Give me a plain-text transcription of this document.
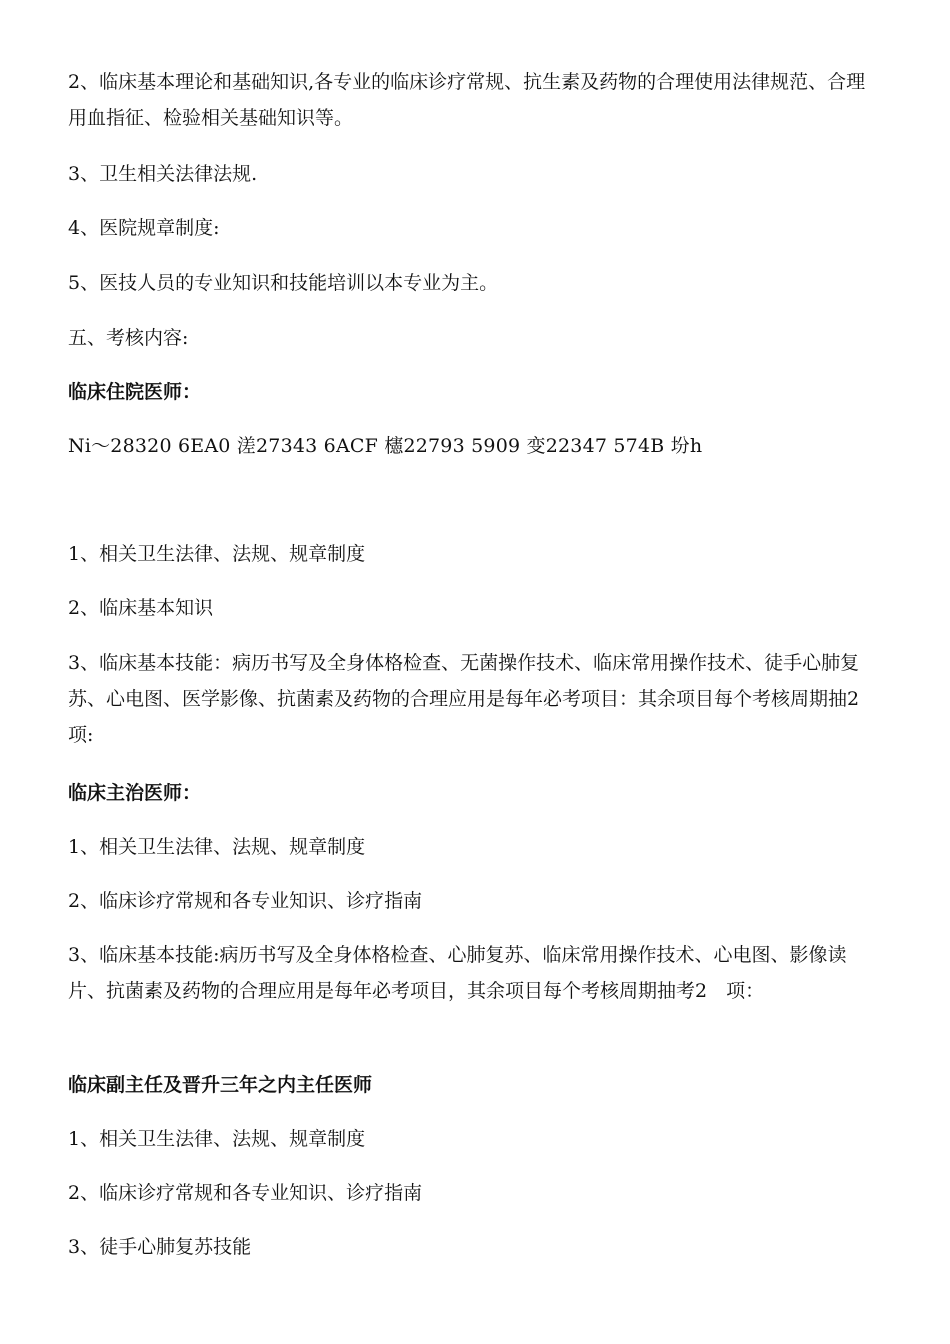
2、临床基本理论和基础知识,各专业的临床诊疗常规、抗生素及药物的合理使用法律规范、合理用血指征、检验相关基础知识等。

3、卫生相关法律法规.

4、医院规章制度:

5、医技人员的专业知识和技能培训以本专业为主。

五、考核内容:

临床住院医师：

Ni～28320 6EA0 溠27343 6ACF 櫶22793 5909 变22347 574B 坋h

1、相关卫生法律、法规、规章制度

2、临床基本知识

3、临床基本技能：病历书写及全身体格检查、无菌操作技术、临床常用操作技术、徒手心肺复苏、心电图、医学影像、抗菌素及药物的合理应用是每年必考项目：其余项目每个考核周期抽2　项:

临床主治医师：

1、相关卫生法律、法规、规章制度

2、临床诊疗常规和各专业知识、诊疗指南

3、临床基本技能:病历书写及全身体格检查、心肺复苏、临床常用操作技术、心电图、影像读片、抗菌素及药物的合理应用是每年必考项目，其余项目每个考核周期抽考2　项：

临床副主任及晋升三年之内主任医师

1、相关卫生法律、法规、规章制度

2、临床诊疗常规和各专业知识、诊疗指南

3、徒手心肺复苏技能
